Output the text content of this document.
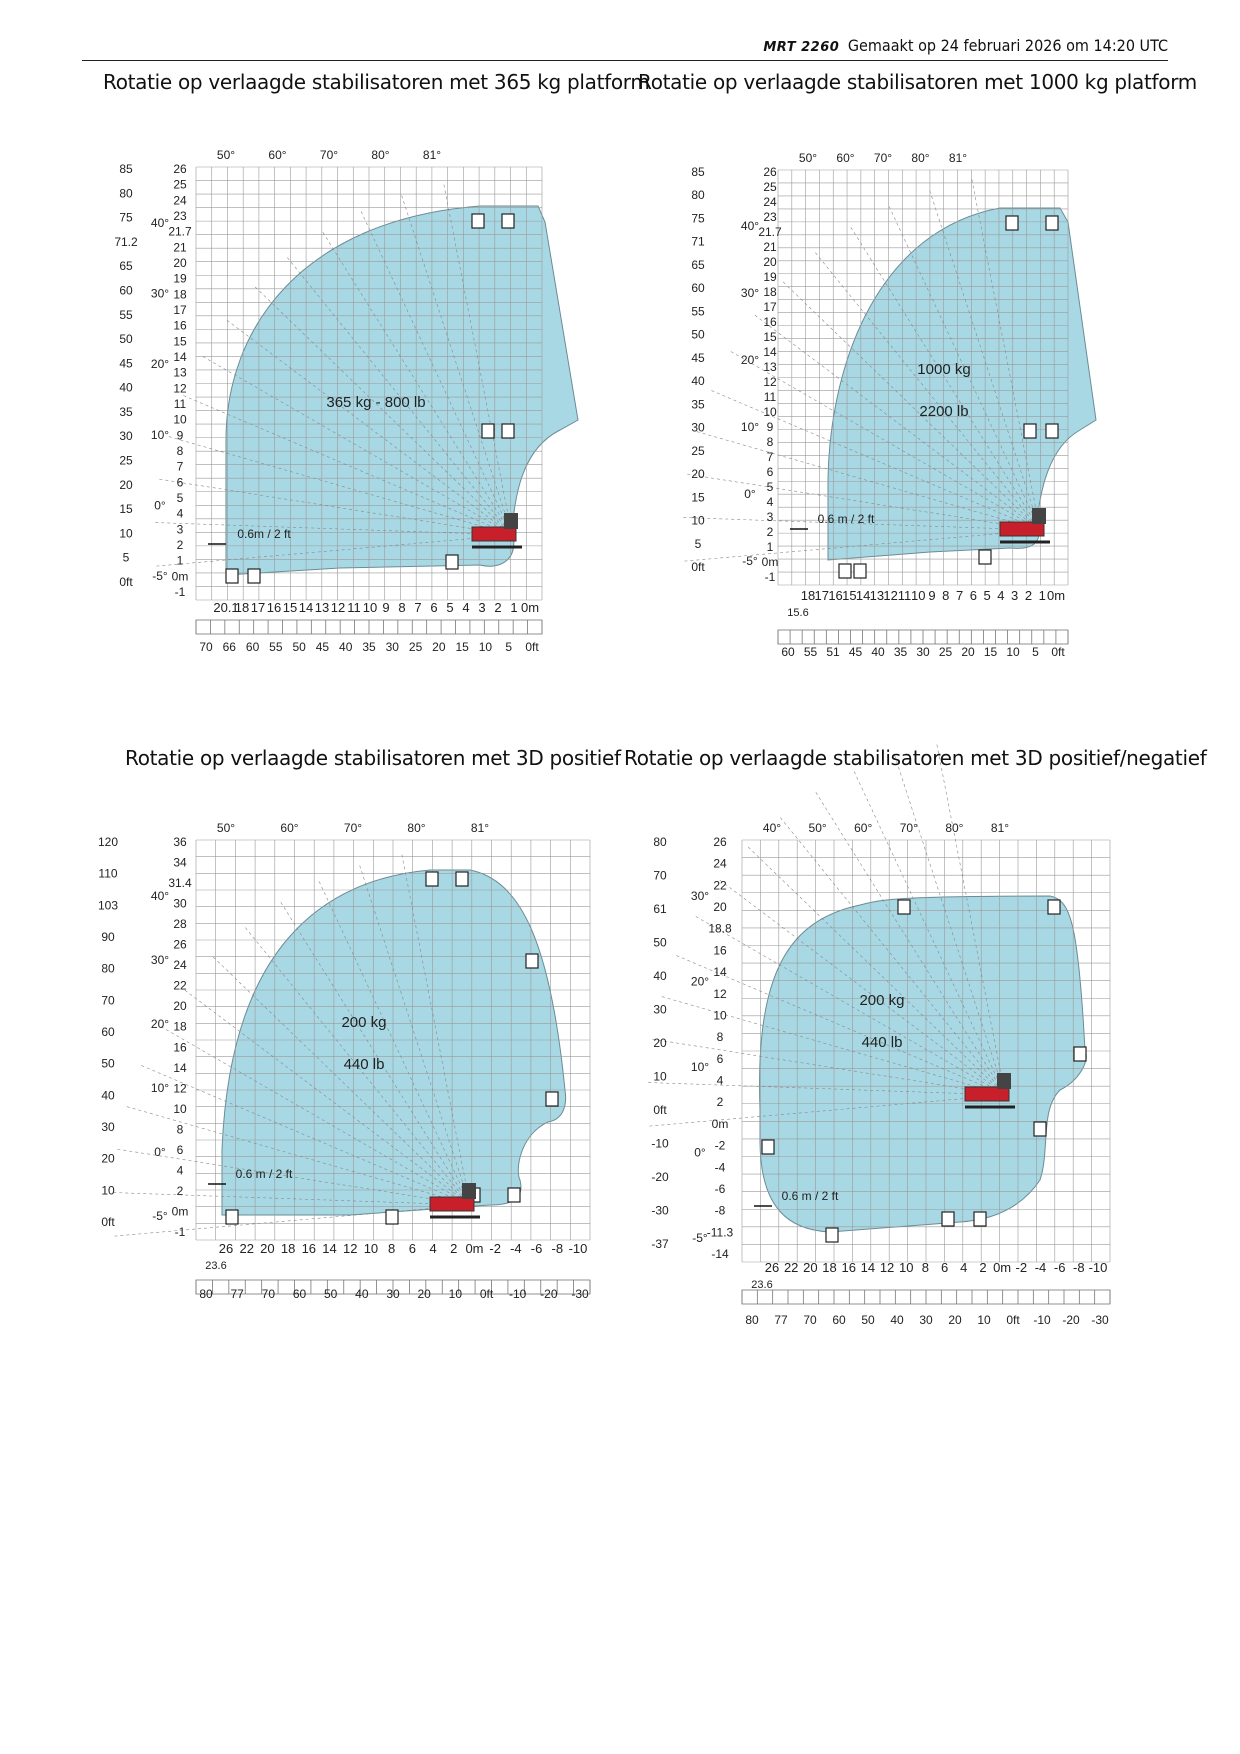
MRT 2260 Gemaakt op 24 februari 2026 om 14:20 UTC
Rotatie op verlaagde stabilisatoren met 365 kg platform
Rotatie op verlaagde stabilisatoren met 1000 kg platform
Rotatie op verlaagde stabilisatoren met 3D positief Rotatie op verlaagde stabilisatoren met 3D positief/negatief
26
25
24
23
21.7
21
20
19
18
17
16
15
14
13
12
11
10
9
8
7
6
5
4
3
2
1
0m
-1
85
80
75
71.2
65
60
55
50
45
40
35
30
25
20
15
10
5
0ft
20.1
18 17 16 15 14 13 12 11 10 9 8 7 6 5 4 3 2 1 0m
70 66 60 55 50 45 40 35 30 25 20 15 10 5 0ft
50°	60°	70°	80°	81°
40°
30°
20°
10°
0°
-5°
365 kg - 800 lb
0.6m / 2 ft
26
25
24
23
21.7
21
20
19
18
17
16
15
14
13
12
11
10
9
8
7
6
5
4
3
2
1
0m
-1
85
80
75
71
65
60
55
50
45
40
35
30
25
20
15
10
5
0ft
18 17 16 15 14 13 12 11 10 9 8 7 6 5 4 3 2 1 0m
15.6
60 55 51 45 40 35 30 25 20 15 10 5 0ft
50° 60° 70° 80° 81°
40°
30°
20°
10°
0°
-5°
1000 kg
2200 lb
0.6 m / 2 ft
36
34
31.4
30
28
26
24
22
20
18
16
14
12
10
8
6
4
2
0m
-1
120
110
103
90
80
70
60
50
40
30
20
10
0ft
26 22 20 18 16 14 12 10 8 6 4 2 0m -2 -4 -6 -8 -10
23.6
80 77 70 60 50 40 30 20 10 0ft -10 -20 -30
50°	60°	70°	80°	81°
40°
30°
20°
10°
0°
-5°
200 kg
440 lb
0.6 m / 2 ft
26
24
22
20
18.8
16
14
12
10
8
6
4
2
0m
-2
-4
-6
-8
-11.3
-14
80
70
61
50
40
30
20
10
0ft
-10
-20
-30
-37
26 22 20 18 16 14 12 10 8 6 4 2 0m -2 -4 -6 -8 -10
23.6
80 77 70 60 50 40 30 20 10 0ft -10 -20 -30
40° 50° 60° 70° 80° 81°
30°
20°
10°
0°
-5°
200 kg
440 lb
0.6 m / 2 ft
